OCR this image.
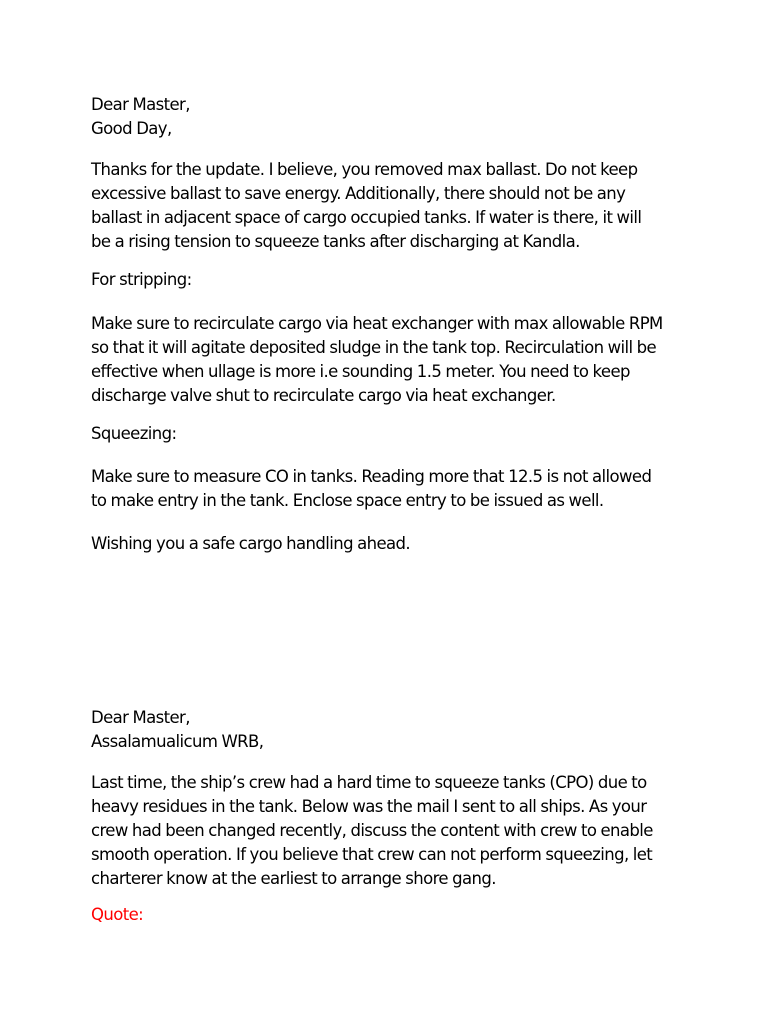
Dear Master,
Good Day,
Thanks for the update. I believe, you removed max ballast. Do not keep
excessive ballast to save energy. Additionally, there should not be any
ballast in adjacent space of cargo occupied tanks. If water is there, it will
be a rising tension to squeeze tanks after discharging at Kandla.
For stripping:
Make sure to recirculate cargo via heat exchanger with max allowable RPM
so that it will agitate deposited sludge in the tank top. Recirculation will be
effective when ullage is more i.e sounding 1.5 meter. You need to keep
discharge valve shut to recirculate cargo via heat exchanger.
Squeezing:
Make sure to measure CO in tanks. Reading more that 12.5 is not allowed
to make entry in the tank. Enclose space entry to be issued as well.
Wishing you a safe cargo handling ahead.
Dear Master,
Assalamualicum WRB,
Last time, the ship’s crew had a hard time to squeeze tanks (CPO) due to
heavy residues in the tank. Below was the mail I sent to all ships. As your
crew had been changed recently, discuss the content with crew to enable
smooth operation. If you believe that crew can not perform squeezing, let
charterer know at the earliest to arrange shore gang.
Quote:
